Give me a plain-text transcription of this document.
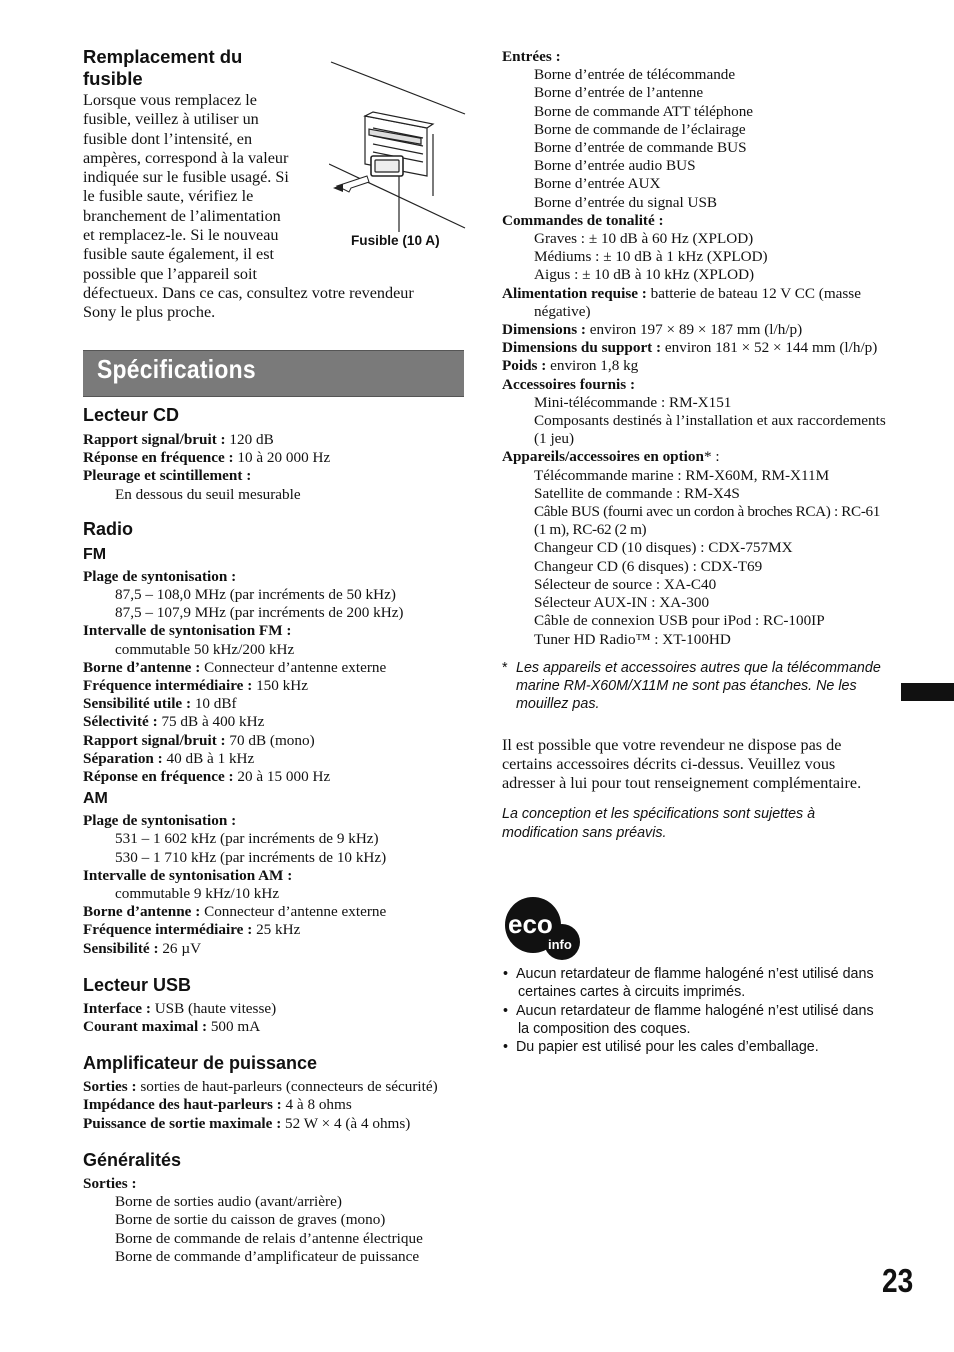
Remplacement du
fusible
Lorsque vous remplacez le
fusible, veillez à utiliser un
fusible dont l’intensité, en
ampères, correspond à la valeur
indiquée sur le fusible usagé. Si
le fusible saute, vérifiez le
branchement de l’alimentation
et remplacez-le. Si le nouveau
fusible saute également, il est
possible que l’appareil soit
défectueux. Dans ce cas, consultez votre revendeur
Sony le plus proche.
Spécifications
Lecteur CD
Rapport signal/bruit : 120 dB
Réponse en fréquence : 10 à 20 000 Hz
Pleurage et scintillement :
En dessous du seuil mesurable
Radio
FM
Plage de syntonisation :
87,5 – 108,0 MHz (par incréments de 50 kHz)
87,5 – 107,9 MHz (par incréments de 200 kHz)
Intervalle de syntonisation FM :
commutable 50 kHz/200 kHz
Borne d’antenne : Connecteur d’antenne externe
Fréquence intermédiaire : 150 kHz
Sensibilité utile : 10 dBf
Sélectivité : 75 dB à 400 kHz
Rapport signal/bruit : 70 dB (mono)
Séparation : 40 dB à 1 kHz
Réponse en fréquence : 20 à 15 000 Hz
AM
Plage de syntonisation :
531 – 1 602 kHz (par incréments de 9 kHz)
530 – 1 710 kHz (par incréments de 10 kHz)
Intervalle de syntonisation AM :
commutable 9 kHz/10 kHz
Borne d’antenne : Connecteur d’antenne externe
Fréquence intermédiaire : 25 kHz
Sensibilité : 26 µV
Lecteur USB
Interface : USB (haute vitesse)
Courant maximal : 500 mA
Amplificateur de puissance
Sorties : sorties de haut-parleurs (connecteurs de sécurité)
Impédance des haut-parleurs : 4 à 8 ohms
Puissance de sortie maximale : 52 W × 4 (à 4 ohms)
Généralités
Sorties :
Borne de sorties audio (avant/arrière)
Borne de sortie du caisson de graves (mono)
Borne de commande de relais d’antenne électrique
Borne de commande d’amplificateur de puissance
Fusible (10 A)
Entrées :
Borne d’entrée de télécommande
Borne d’entrée de l’antenne
Borne de commande ATT téléphone
Borne de commande de l’éclairage
Borne d’entrée de commande BUS
Borne d’entrée audio BUS
Borne d’entrée AUX
Borne d’entrée du signal USB
Commandes de tonalité :
Graves : ± 10 dB à 60 Hz (XPLOD)
Médiums : ± 10 dB à 1 kHz (XPLOD)
Aigus : ± 10 dB à 10 kHz (XPLOD)
Alimentation requise : batterie de bateau 12 V CC (masse négative)
Dimensions : environ 197 × 89 × 187 mm (l/h/p)
Dimensions du support : environ 181 × 52 × 144 mm (l/h/p)
Poids : environ 1,8 kg
Accessoires fournis :
Mini-télécommande : RM-X151
Composants destinés à l’installation et aux raccordements (1 jeu)
Appareils/accessoires en option* :
Télécommande marine : RM-X60M, RM-X11M
Satellite de commande : RM-X4S
Câble BUS (fourni avec un cordon à broches RCA) : RC-61 (1 m), RC-62 (2 m)
Changeur CD (10 disques) : CDX-757MX
Changeur CD (6 disques) : CDX-T69
Sélecteur de source : XA-C40
Sélecteur AUX-IN : XA-300
Câble de connexion USB pour iPod : RC-100IP
Tuner HD Radio™ : XT-100HD
* Les appareils et accessoires autres que la télécommande marine RM-X60M/X11M ne sont pas étanches. Ne les mouillez pas.
Il est possible que votre revendeur ne dispose pas de certains accessoires décrits ci-dessus. Veuillez vous adresser à lui pour tout renseignement complémentaire.
La conception et les spécifications sont sujettes à modification sans préavis.
eco
info
•  Aucun retardateur de flamme halogéné n’est utilisé dans certaines cartes à circuits imprimés.
•  Aucun retardateur de flamme halogéné n’est utilisé dans la composition des coques.
•  Du papier est utilisé pour les cales d’emballage.
23
